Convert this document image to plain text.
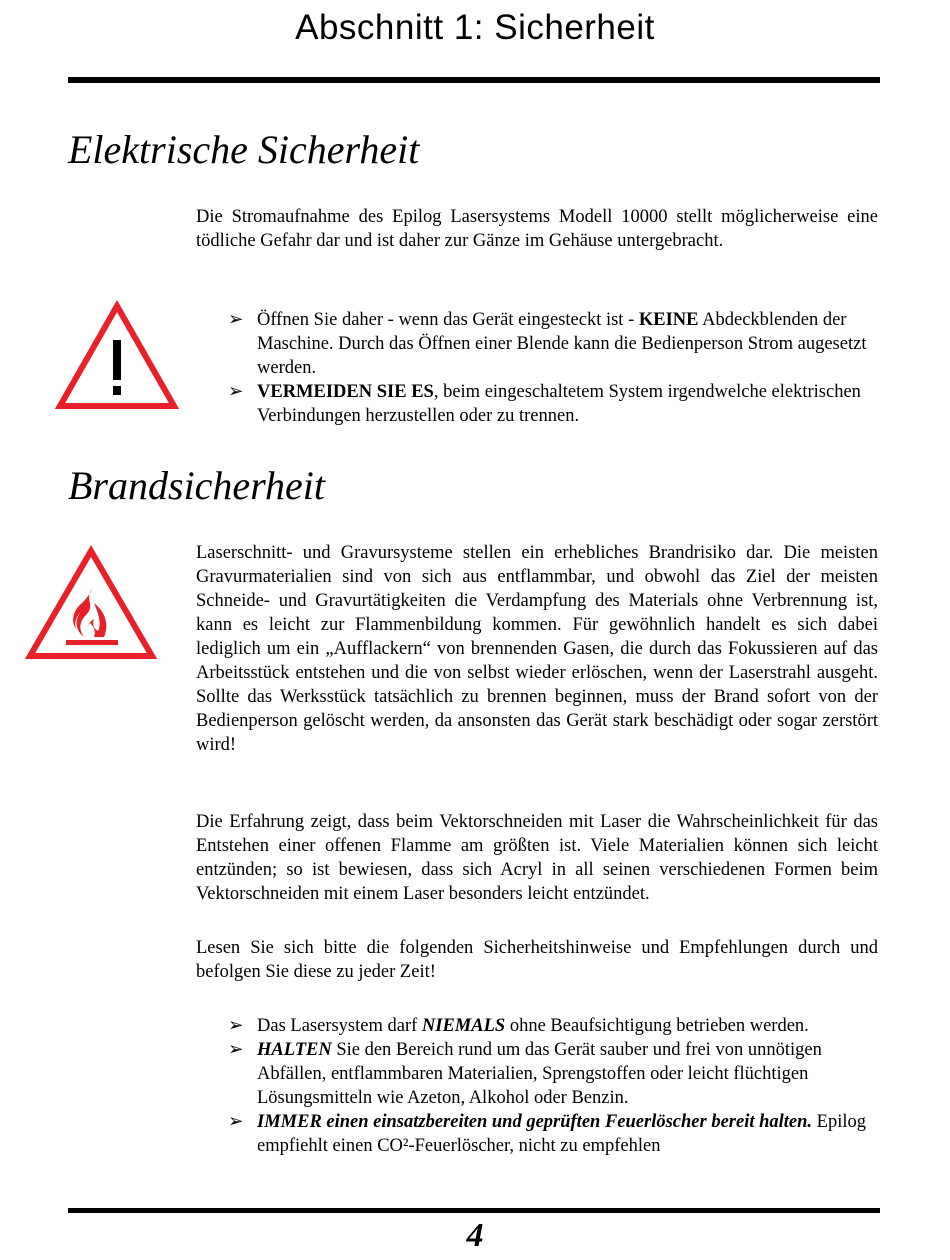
Abschnitt 1: Sicherheit
Elektrische Sicherheit

Die Stromaufnahme des Epilog Lasersystems Modell 10000 stellt möglicherweise eine tödliche Gefahr dar und ist daher zur Gänze im Gehäuse untergebracht.

➢ Öffnen Sie daher - wenn das Gerät eingesteckt ist - KEINE Abdeckblenden der Maschine. Durch das Öffnen einer Blende kann die Bedienperson Strom augesetzt werden.
➢ VERMEIDEN SIE ES, beim eingeschaltetem System irgendwelche elektrischen Verbindungen herzustellen oder zu trennen.
Brandsicherheit

Laserschnitt- und Gravursysteme stellen ein erhebliches Brandrisiko dar. Die meisten Gravurmaterialien sind von sich aus entflammbar, und obwohl das Ziel der meisten Schneide- und Gravurtätigkeiten die Verdampfung des Materials ohne Verbrennung ist, kann es leicht zur Flammenbildung kommen. Für gewöhnlich handelt es sich dabei lediglich um ein „Aufflackern“ von brennenden Gasen, die durch das Fokussieren auf das Arbeitsstück entstehen und die von selbst wieder erlöschen, wenn der Laserstrahl ausgeht. Sollte das Werksstück tatsächlich zu brennen beginnen, muss der Brand sofort von der Bedienperson gelöscht werden, da ansonsten das Gerät stark beschädigt oder sogar zerstört wird!

Die Erfahrung zeigt, dass beim Vektorschneiden mit Laser die Wahrscheinlichkeit für das Entstehen einer offenen Flamme am größten ist. Viele Materialien können sich leicht entzünden; so ist bewiesen, dass sich Acryl in all seinen verschiedenen Formen beim Vektorschneiden mit einem Laser besonders leicht entzündet.

Lesen Sie sich bitte die folgenden Sicherheitshinweise und Empfehlungen durch und befolgen Sie diese zu jeder Zeit!

➢ Das Lasersystem darf NIEMALS ohne Beaufsichtigung betrieben werden.
➢ HALTEN Sie den Bereich rund um das Gerät sauber und frei von unnötigen Abfällen, entflammbaren Materialien, Sprengstoffen oder leicht flüchtigen Lösungsmitteln wie Azeton, Alkohol oder Benzin.
➢ IMMER einen einsatzbereiten und geprüften Feuerlöscher bereit halten. Epilog empfiehlt einen CO²-Feuerlöscher, nicht zu empfehlen
4
